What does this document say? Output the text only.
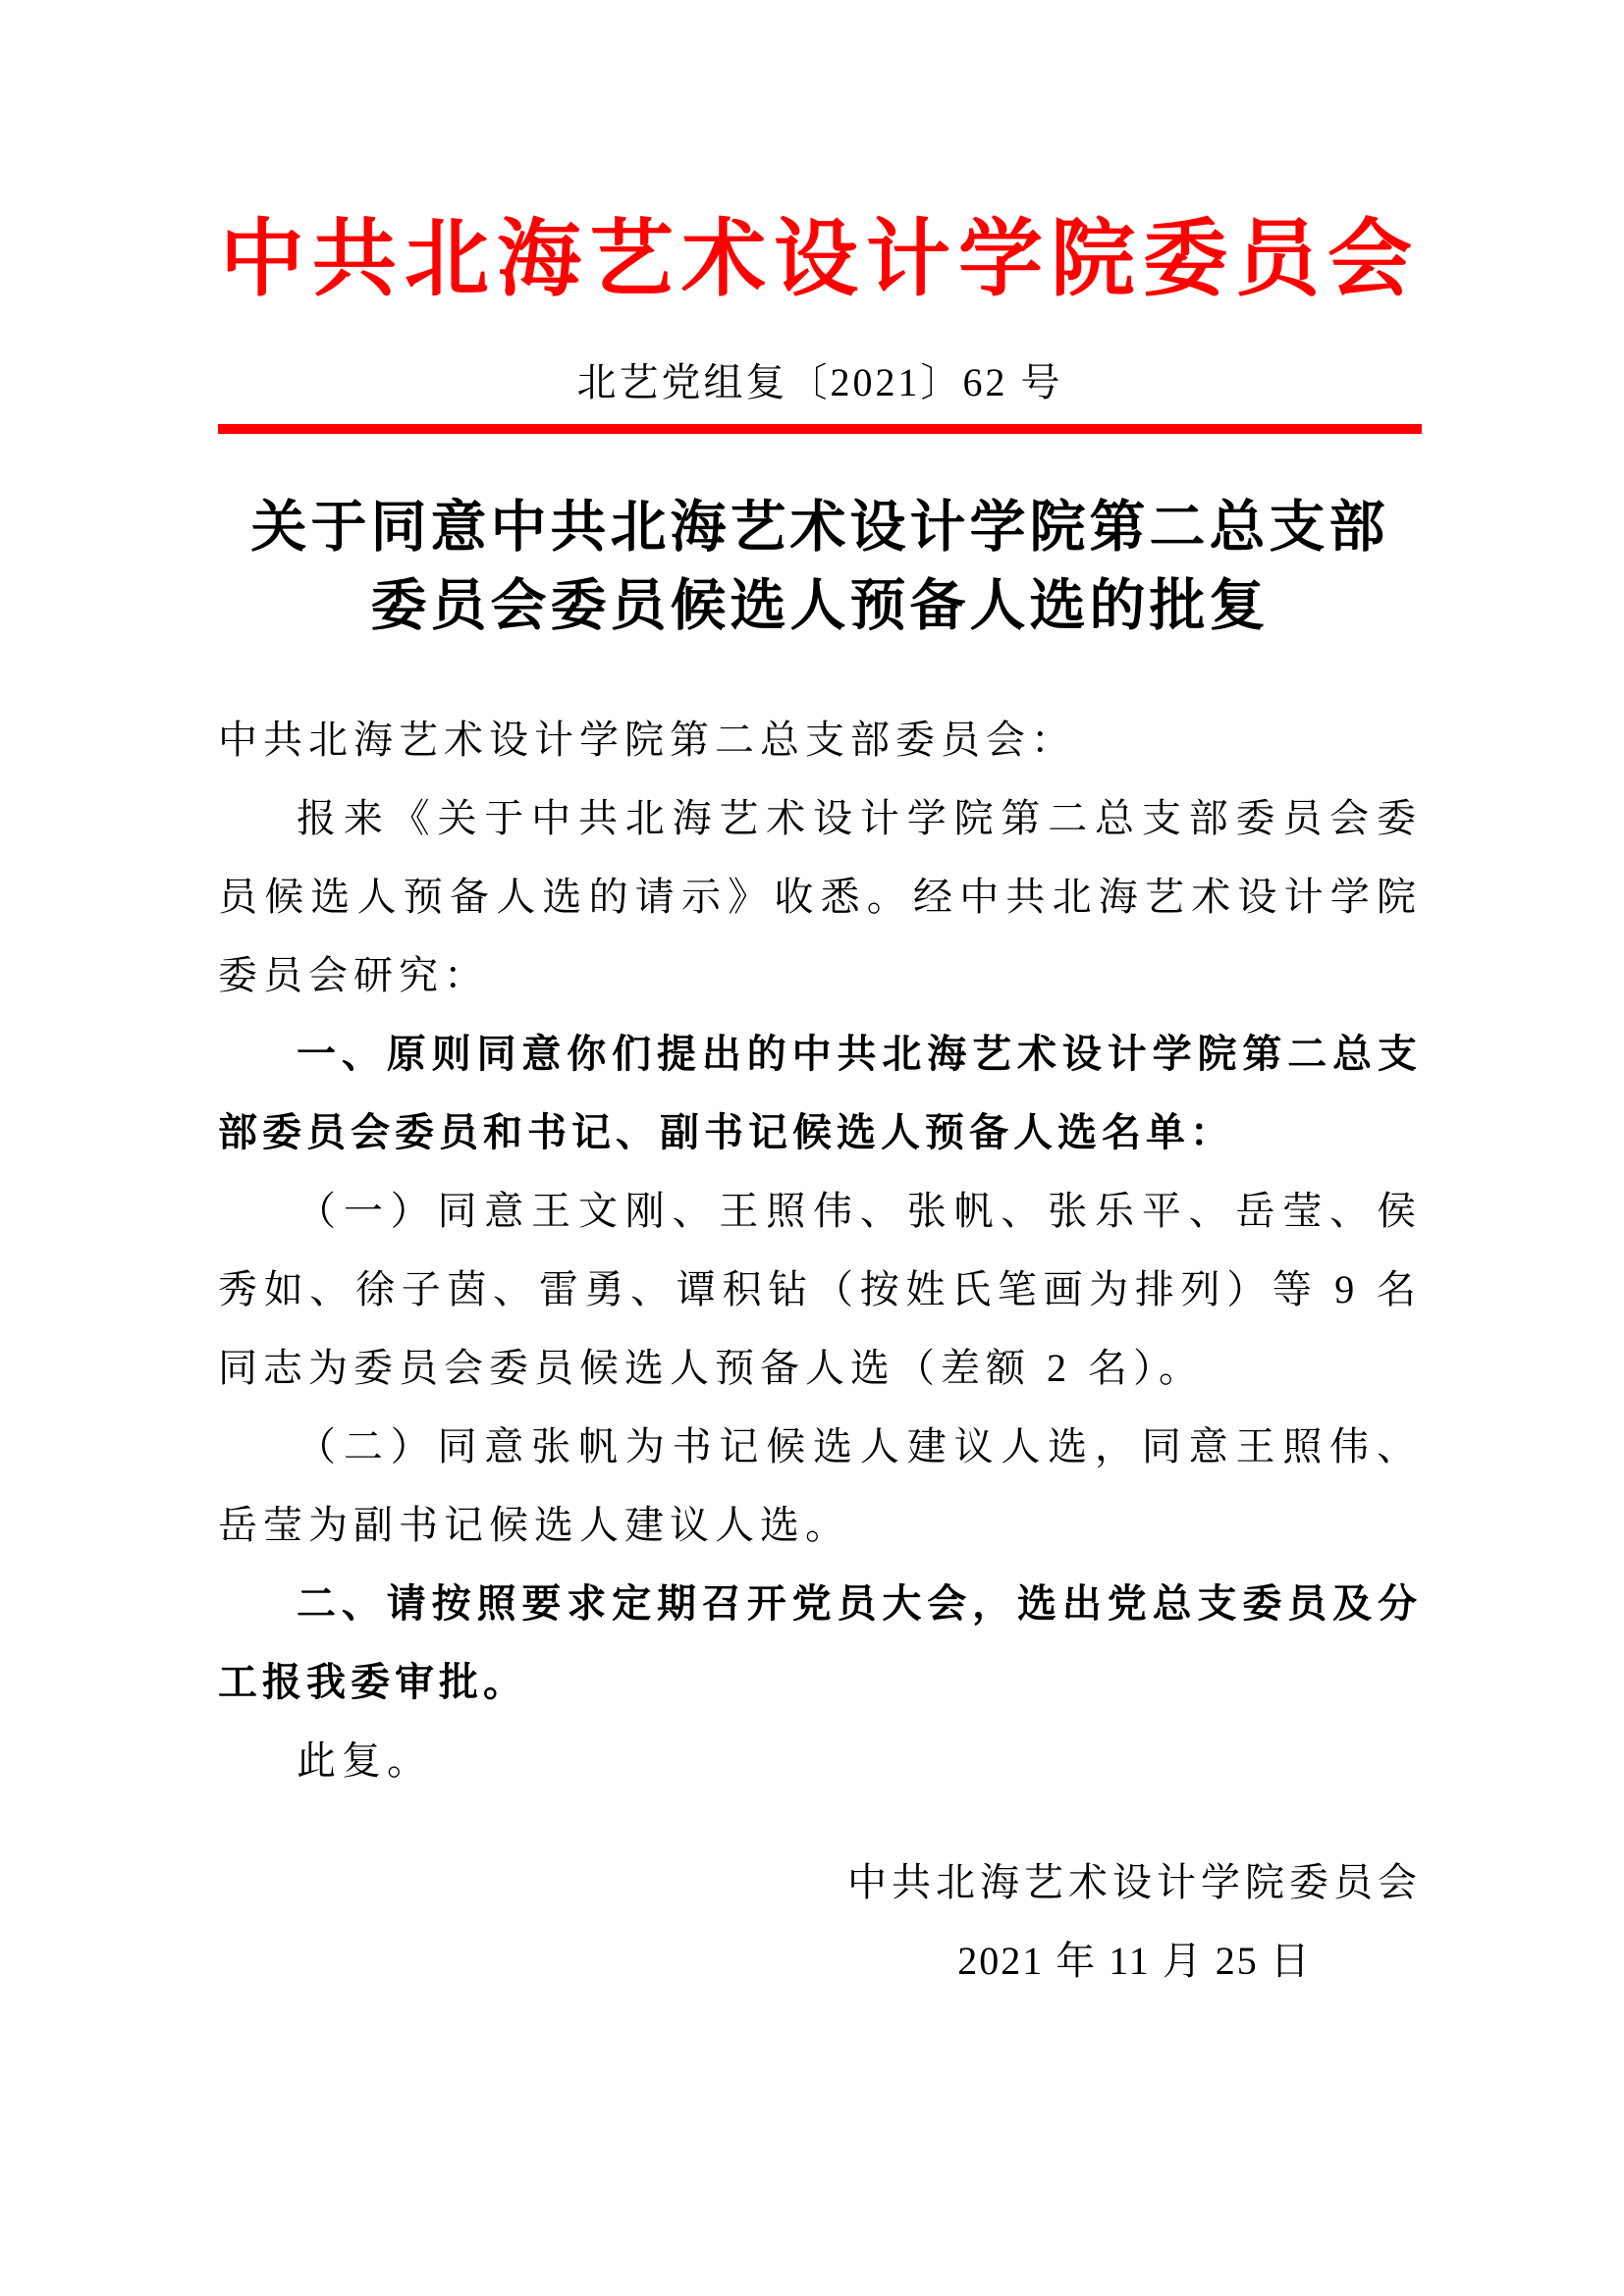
中共北海艺术设计学院委员会
北艺党组复〔2021〕62 号
关于同意中共北海艺术设计学院第二总支部
委员会委员候选人预备人选的批复

中共北海艺术设计学院第二总支部委员会：

报来《关于中共北海艺术设计学院第二总支部委员会委员候选人预备人选的请示》收悉。经中共北海艺术设计学院委员会研究：

一、原则同意你们提出的中共北海艺术设计学院第二总支部委员会委员和书记、副书记候选人预备人选名单：

（一）同意王文刚、王照伟、张帆、张乐平、岳莹、侯秀如、徐子茵、雷勇、谭积钻（按姓氏笔画为排列）等 9 名同志为委员会委员候选人预备人选（差额 2 名）。

（二）同意张帆为书记候选人建议人选，同意王照伟、岳莹为副书记候选人建议人选。

二、请按照要求定期召开党员大会，选出党总支委员及分工报我委审批。

此复。

中共北海艺术设计学院委员会
2021 年 11 月 25 日
